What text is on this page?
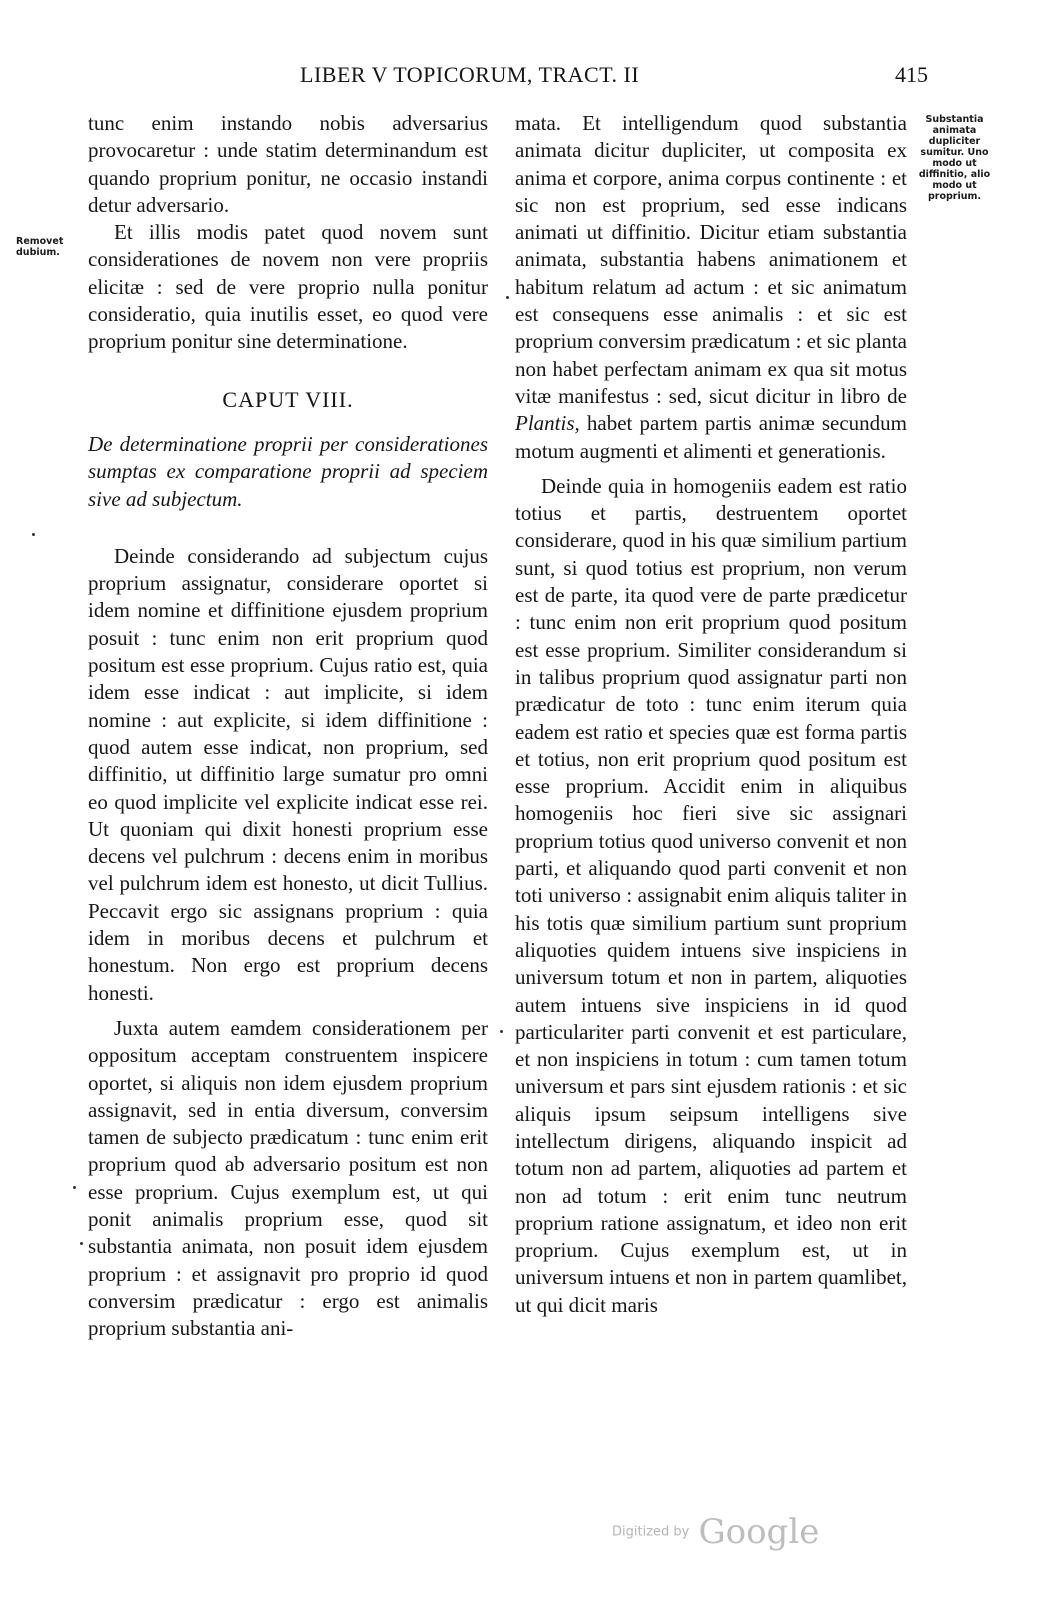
LIBER V TOPICORUM, TRACT. II	415
Removet dubium.
Substantia animata dupliciter sumitur. Uno modo ut diffinitio, alio modo ut proprium.

tunc enim instando nobis adversarius provocaretur : unde statim determinandum est quando proprium ponitur, ne occasio instandi detur adversario.

Et illis modis patet quod novem sunt considerationes de novem non vere propriis elicitæ : sed de vere proprio nulla ponitur consideratio, quia inutilis esset, eo quod vere proprium ponitur sine determinatione.

CAPUT VIII.

De determinatione proprii per considerationes sumptas ex comparatione proprii ad speciem sive ad subjectum.

Deinde considerando ad subjectum cujus proprium assignatur, considerare oportet si idem nomine et diffinitione ejusdem proprium posuit : tunc enim non erit proprium quod positum est esse proprium. Cujus ratio est, quia idem esse indicat : aut implicite, si idem nomine : aut explicite, si idem diffinitione : quod autem esse indicat, non proprium, sed diffinitio, ut diffinitio large sumatur pro omni eo quod implicite vel explicite indicat esse rei. Ut quoniam qui dixit honesti proprium esse decens vel pulchrum : decens enim in moribus vel pulchrum idem est honesto, ut dicit Tullius. Peccavit ergo sic assignans proprium : quia idem in moribus decens et pulchrum et honestum. Non ergo est proprium decens honesti.

Juxta autem eamdem considerationem per oppositum acceptam construentem inspicere oportet, si aliquis non idem ejusdem proprium assignavit, sed in entia diversum, conversim tamen de subjecto prædicatum : tunc enim erit proprium quod ab adversario positum est non esse proprium. Cujus exemplum est, ut qui ponit animalis proprium esse, quod sit substantia animata, non posuit idem ejusdem proprium : et assignavit pro proprio id quod conversim prædicatur : ergo est animalis proprium substantia ani-

mata. Et intelligendum quod substantia animata dicitur dupliciter, ut composita ex anima et corpore, anima corpus continente : et sic non est proprium, sed esse indicans animati ut diffinitio. Dicitur etiam substantia animata, substantia habens animationem et habitum relatum ad actum : et sic animatum est consequens esse animalis : et sic est proprium conversim prædicatum : et sic planta non habet perfectam animam ex qua sit motus vitæ manifestus : sed, sicut dicitur in libro de Plantis, habet partem partis animæ secundum motum augmenti et alimenti et generationis.

Deinde quia in homogeniis eadem est ratio totius et partis, destruentem oportet considerare, quod in his quæ similium partium sunt, si quod totius est proprium, non verum est de parte, ita quod vere de parte prædicetur : tunc enim non erit proprium quod positum est esse proprium. Similiter considerandum si in talibus proprium quod assignatur parti non prædicatur de toto : tunc enim iterum quia eadem est ratio et species quæ est forma partis et totius, non erit proprium quod positum est esse proprium. Accidit enim in aliquibus homogeniis hoc fieri sive sic assignari proprium totius quod universo convenit et non parti, et aliquando quod parti convenit et non toti universo : assignabit enim aliquis taliter in his totis quæ similium partium sunt proprium aliquoties quidem intuens sive inspiciens in universum totum et non in partem, aliquoties autem intuens sive inspiciens in id quod particulariter parti convenit et est particulare, et non inspiciens in totum : cum tamen totum universum et pars sint ejusdem rationis : et sic aliquis ipsum seipsum intelligens sive intellectum dirigens, aliquando inspicit ad totum non ad partem, aliquoties ad partem et non ad totum : erit enim tunc neutrum proprium ratione assignatum, et ideo non erit proprium. Cujus exemplum est, ut in universum intuens et non in partem quamlibet, ut qui dicit maris

Digitized by Google
